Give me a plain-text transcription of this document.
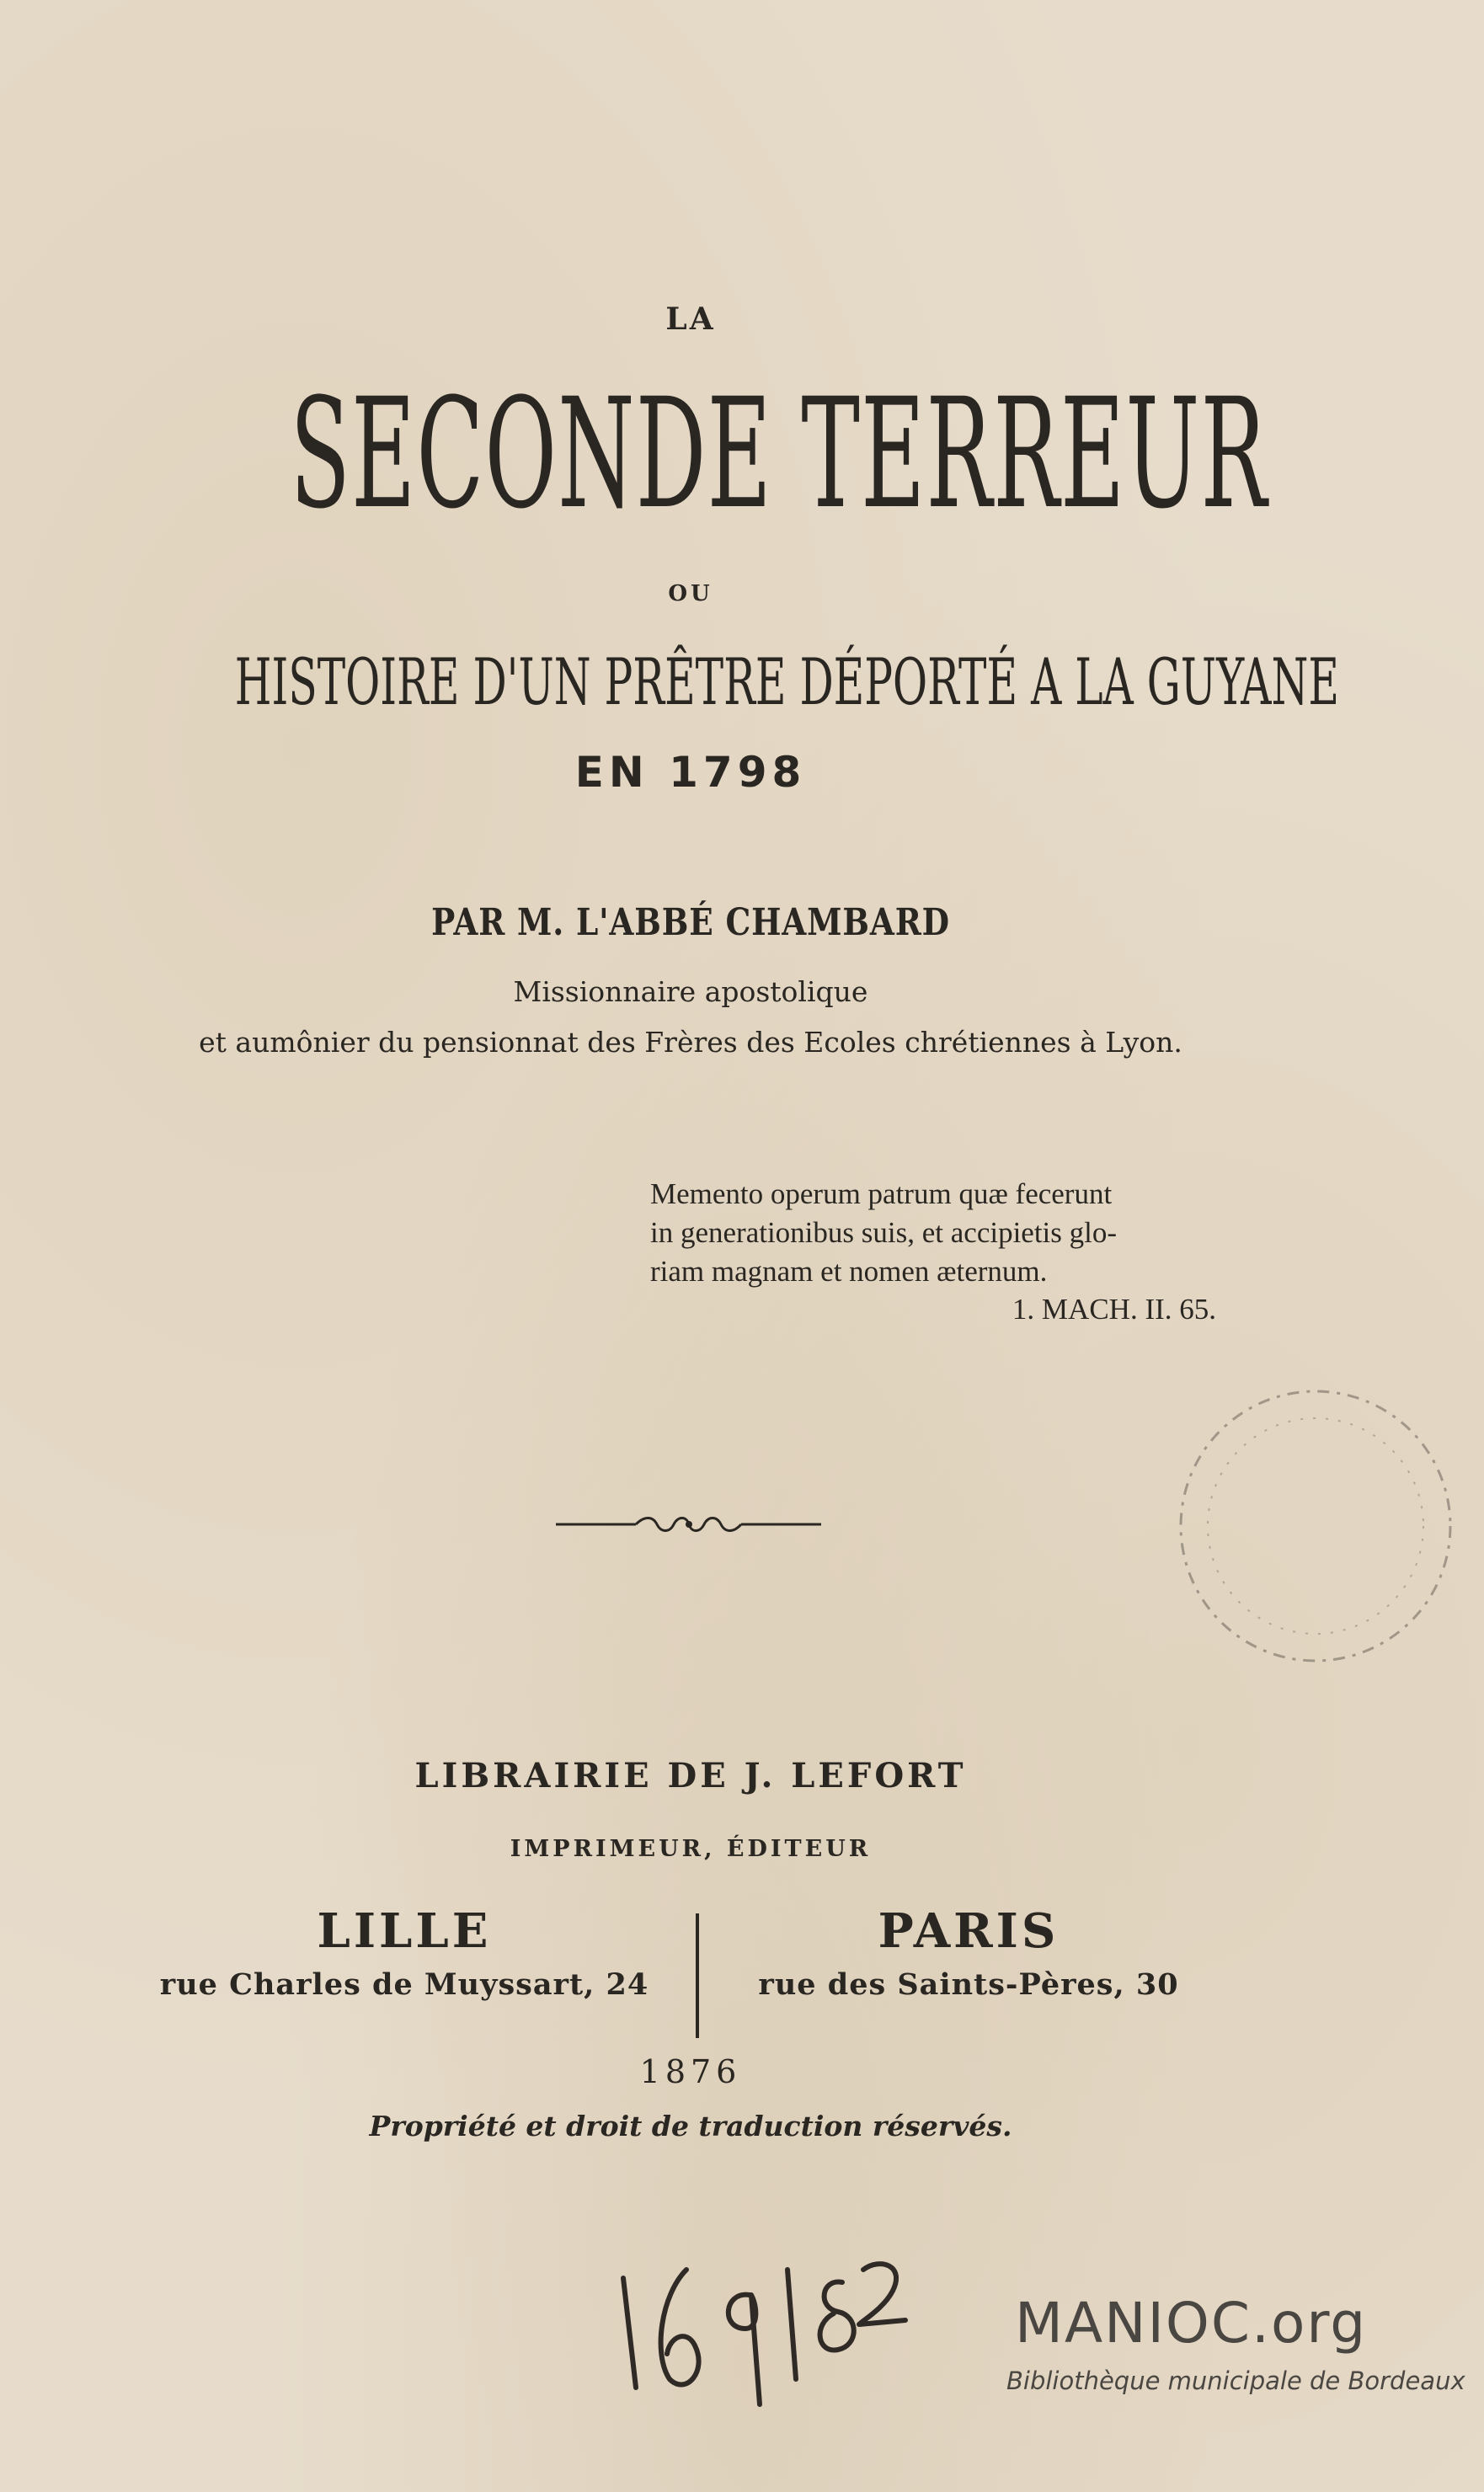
LA
SECONDE TERREUR
OU
HISTOIRE D'UN PRÊTRE DÉPORTÉ A LA GUYANE
EN 1798
PAR M. L'ABBÉ CHAMBARD
Missionnaire apostolique
et aumônier du pensionnat des Frères des Ecoles chrétiennes à Lyon.
Memento operum patrum quæ fecerunt
in generationibus suis, et accipietis glo-
riam magnam et nomen æternum.
1. MACH. II. 65.
LIBRAIRIE DE J. LEFORT
IMPRIMEUR, ÉDITEUR
LILLE
rue Charles de Muyssart, 24
PARIS
rue des Saints-Pères, 30
1876
Propriété et droit de traduction réservés.
MANIOC.org
Bibliothèque municipale de Bordeaux
